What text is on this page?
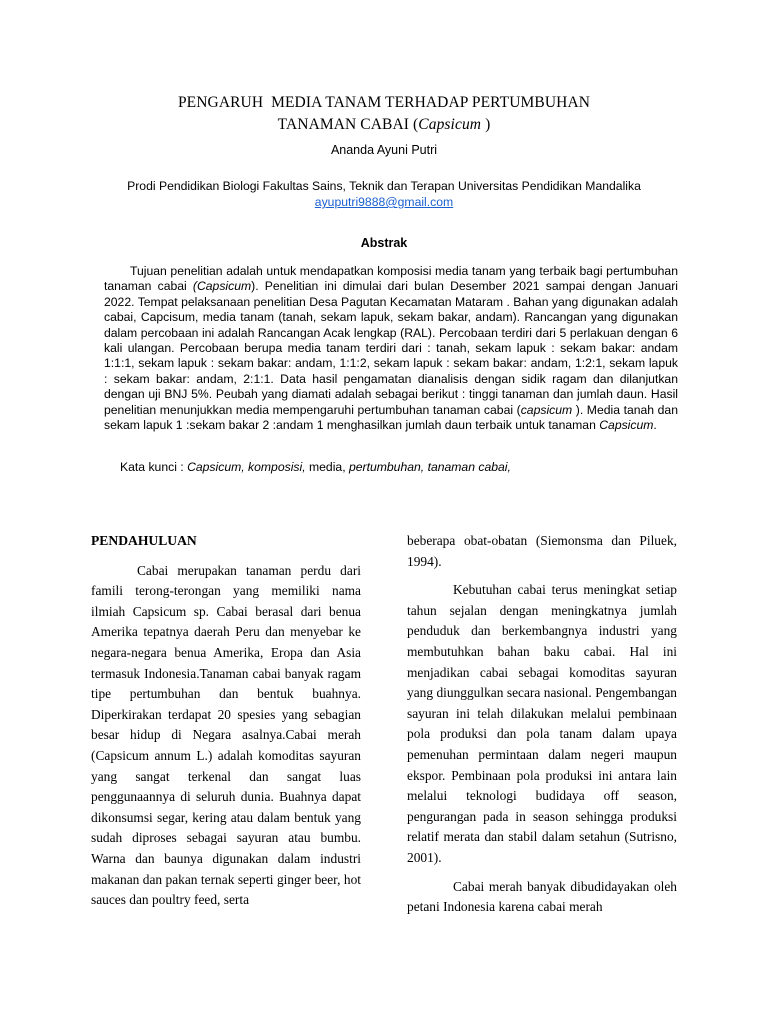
PENGARUH  MEDIA TANAM TERHADAP PERTUMBUHAN
TANAMAN CABAI (Capsicum )

Ananda Ayuni Putri
Prodi Pendidikan Biologi Fakultas Sains, Teknik dan Terapan Universitas Pendidikan Mandalika
ayuputri9888@gmail.com
Abstrak

Tujuan penelitian adalah untuk mendapatkan komposisi media tanam yang terbaik bagi pertumbuhan tanaman cabai (Capsicum). Penelitian ini dimulai dari bulan Desember 2021 sampai dengan Januari 2022. Tempat pelaksanaan penelitian Desa Pagutan Kecamatan Mataram . Bahan yang digunakan adalah cabai, Capcisum, media tanam (tanah, sekam lapuk, sekam bakar, andam). Rancangan yang digunakan dalam percobaan ini adalah Rancangan Acak lengkap (RAL). Percobaan terdiri dari 5 perlakuan dengan 6 kali ulangan. Percobaan berupa media tanam terdiri dari : tanah, sekam lapuk : sekam bakar: andam 1:1:1, sekam lapuk : sekam bakar: andam, 1:1:2, sekam lapuk : sekam bakar: andam, 1:2:1, sekam lapuk : sekam bakar: andam, 2:1:1. Data hasil pengamatan dianalisis dengan sidik ragam dan dilanjutkan dengan uji BNJ 5%. Peubah yang diamati adalah sebagai berikut : tinggi tanaman dan jumlah daun. Hasil penelitian menunjukkan media mempengaruhi pertumbuhan tanaman cabai (capsicum ). Media tanah dan sekam lapuk 1 :sekam bakar 2 :andam 1 menghasilkan jumlah daun terbaik untuk tanaman Capsicum.

Kata kunci : Capsicum, komposisi, media, pertumbuhan, tanaman cabai,

PENDAHULUAN

Cabai merupakan tanaman perdu dari famili terong-terongan yang memiliki nama ilmiah Capsicum sp. Cabai berasal dari benua Amerika tepatnya daerah Peru dan menyebar ke negara-negara benua Amerika, Eropa dan Asia termasuk Indonesia.Tanaman cabai banyak ragam tipe pertumbuhan dan bentuk buahnya. Diperkirakan terdapat 20 spesies yang sebagian besar hidup di Negara asalnya.Cabai merah (Capsicum annum L.) adalah komoditas sayuran yang sangat terkenal dan sangat luas penggunaannya di seluruh dunia. Buahnya dapat dikonsumsi segar, kering atau dalam bentuk yang sudah diproses sebagai sayuran atau bumbu. Warna dan baunya digunakan dalam industri makanan dan pakan ternak seperti ginger beer, hot sauces dan poultry feed, serta

beberapa obat-obatan (Siemonsma dan Piluek, 1994).

Kebutuhan cabai terus meningkat setiap tahun sejalan dengan meningkatnya jumlah penduduk dan berkembangnya industri yang membutuhkan bahan baku cabai. Hal ini menjadikan cabai sebagai komoditas sayuran yang diunggulkan secara nasional. Pengembangan sayuran ini telah dilakukan melalui pembinaan pola produksi dan pola tanam dalam upaya pemenuhan permintaan dalam negeri maupun ekspor. Pembinaan pola produksi ini antara lain melalui teknologi budidaya off season, pengurangan pada in season sehingga produksi relatif merata dan stabil dalam setahun (Sutrisno, 2001).

Cabai merah banyak dibudidayakan oleh petani Indonesia karena cabai merah
